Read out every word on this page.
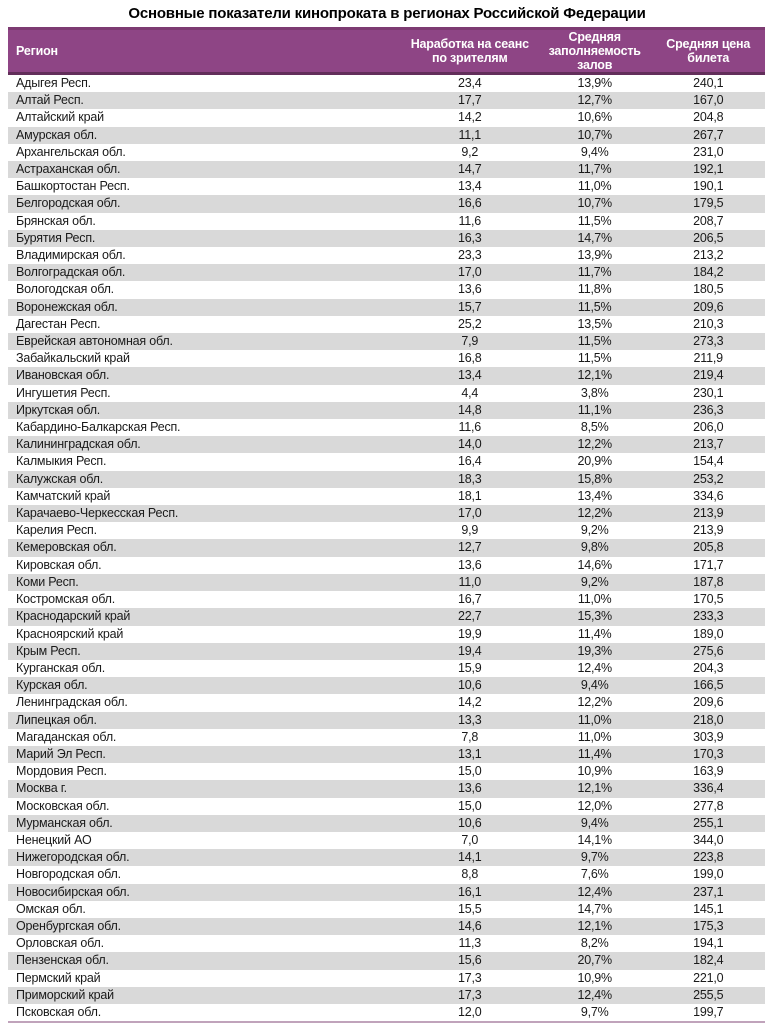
Основные показатели кинопроката в регионах Российской Федерации
Регион	Наработка на сеанс по зрителям	Средняя заполняемость залов	Средняя цена билета
Адыгея Респ.	23,4	13,9%	240,1
Алтай Респ.	17,7	12,7%	167,0
Алтайский край	14,2	10,6%	204,8
Амурская обл.	11,1	10,7%	267,7
Архангельская обл.	9,2	9,4%	231,0
Астраханская обл.	14,7	11,7%	192,1
Башкортостан Респ.	13,4	11,0%	190,1
Белгородская обл.	16,6	10,7%	179,5
Брянская обл.	11,6	11,5%	208,7
Бурятия Респ.	16,3	14,7%	206,5
Владимирская обл.	23,3	13,9%	213,2
Волгоградская обл.	17,0	11,7%	184,2
Вологодская обл.	13,6	11,8%	180,5
Воронежская обл.	15,7	11,5%	209,6
Дагестан Респ.	25,2	13,5%	210,3
Еврейская автономная обл.	7,9	11,5%	273,3
Забайкальский край	16,8	11,5%	211,9
Ивановская обл.	13,4	12,1%	219,4
Ингушетия Респ.	4,4	3,8%	230,1
Иркутская обл.	14,8	11,1%	236,3
Кабардино-Балкарская Респ.	11,6	8,5%	206,0
Калининградская обл.	14,0	12,2%	213,7
Калмыкия Респ.	16,4	20,9%	154,4
Калужская обл.	18,3	15,8%	253,2
Камчатский край	18,1	13,4%	334,6
Карачаево-Черкесская Респ.	17,0	12,2%	213,9
Карелия Респ.	9,9	9,2%	213,9
Кемеровская обл.	12,7	9,8%	205,8
Кировская обл.	13,6	14,6%	171,7
Коми Респ.	11,0	9,2%	187,8
Костромская обл.	16,7	11,0%	170,5
Краснодарский край	22,7	15,3%	233,3
Красноярский край	19,9	11,4%	189,0
Крым Респ.	19,4	19,3%	275,6
Курганская обл.	15,9	12,4%	204,3
Курская обл.	10,6	9,4%	166,5
Ленинградская обл.	14,2	12,2%	209,6
Липецкая обл.	13,3	11,0%	218,0
Магаданская обл.	7,8	11,0%	303,9
Марий Эл Респ.	13,1	11,4%	170,3
Мордовия Респ.	15,0	10,9%	163,9
Москва г.	13,6	12,1%	336,4
Московская обл.	15,0	12,0%	277,8
Мурманская обл.	10,6	9,4%	255,1
Ненецкий АО	7,0	14,1%	344,0
Нижегородская обл.	14,1	9,7%	223,8
Новгородская обл.	8,8	7,6%	199,0
Новосибирская обл.	16,1	12,4%	237,1
Омская обл.	15,5	14,7%	145,1
Оренбургская обл.	14,6	12,1%	175,3
Орловская обл.	11,3	8,2%	194,1
Пензенская обл.	15,6	20,7%	182,4
Пермский край	17,3	10,9%	221,0
Приморский край	17,3	12,4%	255,5
Псковская обл.	12,0	9,7%	199,7
